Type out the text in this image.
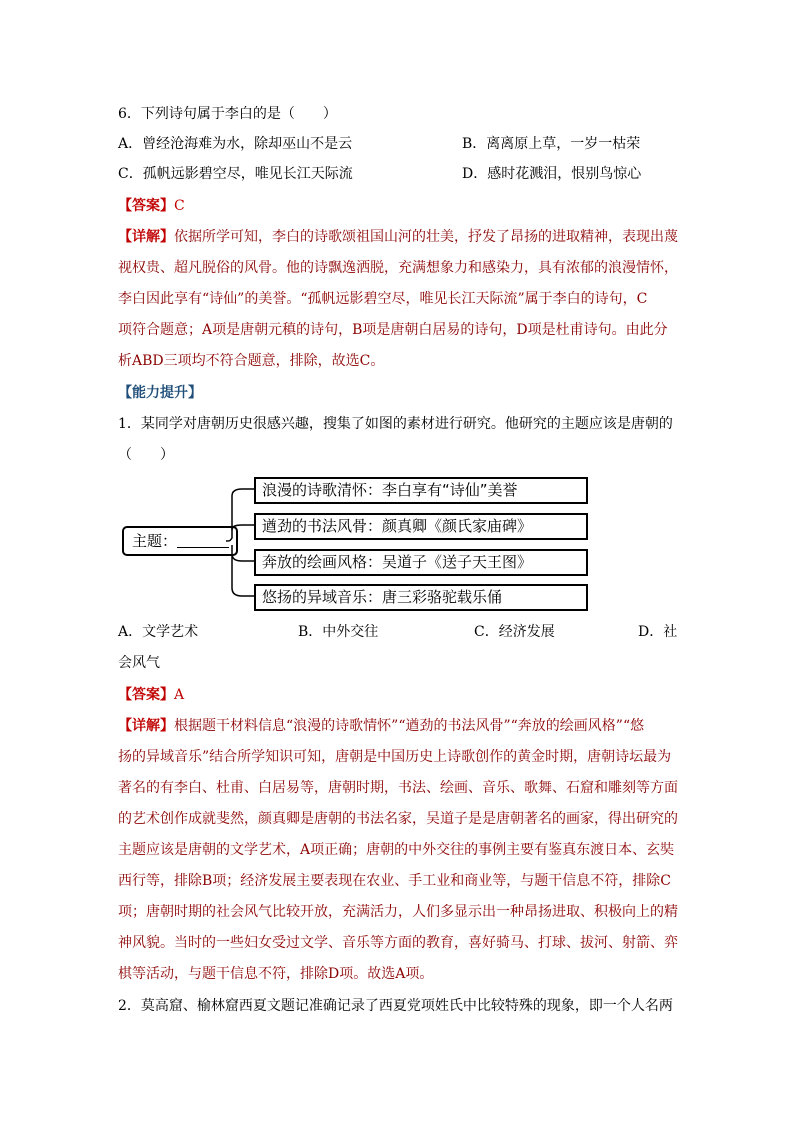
6．下列诗句属于李白的是（　　）
A．曾经沧海难为水，除却巫山不是云	B．离离原上草，一岁一枯荣
C．孤帆远影碧空尽，唯见长江天际流	D．感时花溅泪，恨别鸟惊心
【答案】C
【详解】依据所学可知，李白的诗歌颂祖国山河的壮美，抒发了昂扬的进取精神，表现出蔑
视权贵、超凡脱俗的风骨。他的诗飘逸洒脱，充满想象力和感染力，具有浓郁的浪漫情怀，
李白因此享有“诗仙”的美誉。“孤帆远影碧空尽，唯见长江天际流”属于李白的诗句，C
项符合题意；A项是唐朝元稹的诗句，B项是唐朝白居易的诗句，D项是杜甫诗句。由此分
析ABD三项均不符合题意，排除，故选C。
【能力提升】
1．某同学对唐朝历史很感兴趣，搜集了如图的素材进行研究。他研究的主题应该是唐朝的
（　　）
主题：
浪漫的诗歌清怀：李白享有“诗仙”美誉
遒劲的书法风骨：颜真卿《颜氏家庙碑》
奔放的绘画风格：吴道子《送子天王图》
悠扬的异域音乐：唐三彩骆驼载乐俑
A．文学艺术	B．中外交往	C．经济发展	D．社
会风气
【答案】A
【详解】根据题干材料信息“浪漫的诗歌情怀”“遒劲的书法风骨”“奔放的绘画风格”“悠
扬的异域音乐”结合所学知识可知，唐朝是中国历史上诗歌创作的黄金时期，唐朝诗坛最为
著名的有李白、杜甫、白居易等，唐朝时期，书法、绘画、音乐、歌舞、石窟和雕刻等方面
的艺术创作成就斐然，颜真卿是唐朝的书法名家，吴道子是是唐朝著名的画家，得出研究的
主题应该是唐朝的文学艺术，A项正确；唐朝的中外交往的事例主要有鉴真东渡日本、玄奘
西行等，排除B项；经济发展主要表现在农业、手工业和商业等，与题干信息不符，排除C
项；唐朝时期的社会风气比较开放，充满活力，人们多显示出一种昂扬进取、积极向上的精
神风貌。当时的一些妇女受过文学、音乐等方面的教育，喜好骑马、打球、拔河、射箭、弈
棋等活动，与题干信息不符，排除D项。故选A项。
2．莫高窟、榆林窟西夏文题记准确记录了西夏党项姓氏中比较特殊的现象，即一个人名两
